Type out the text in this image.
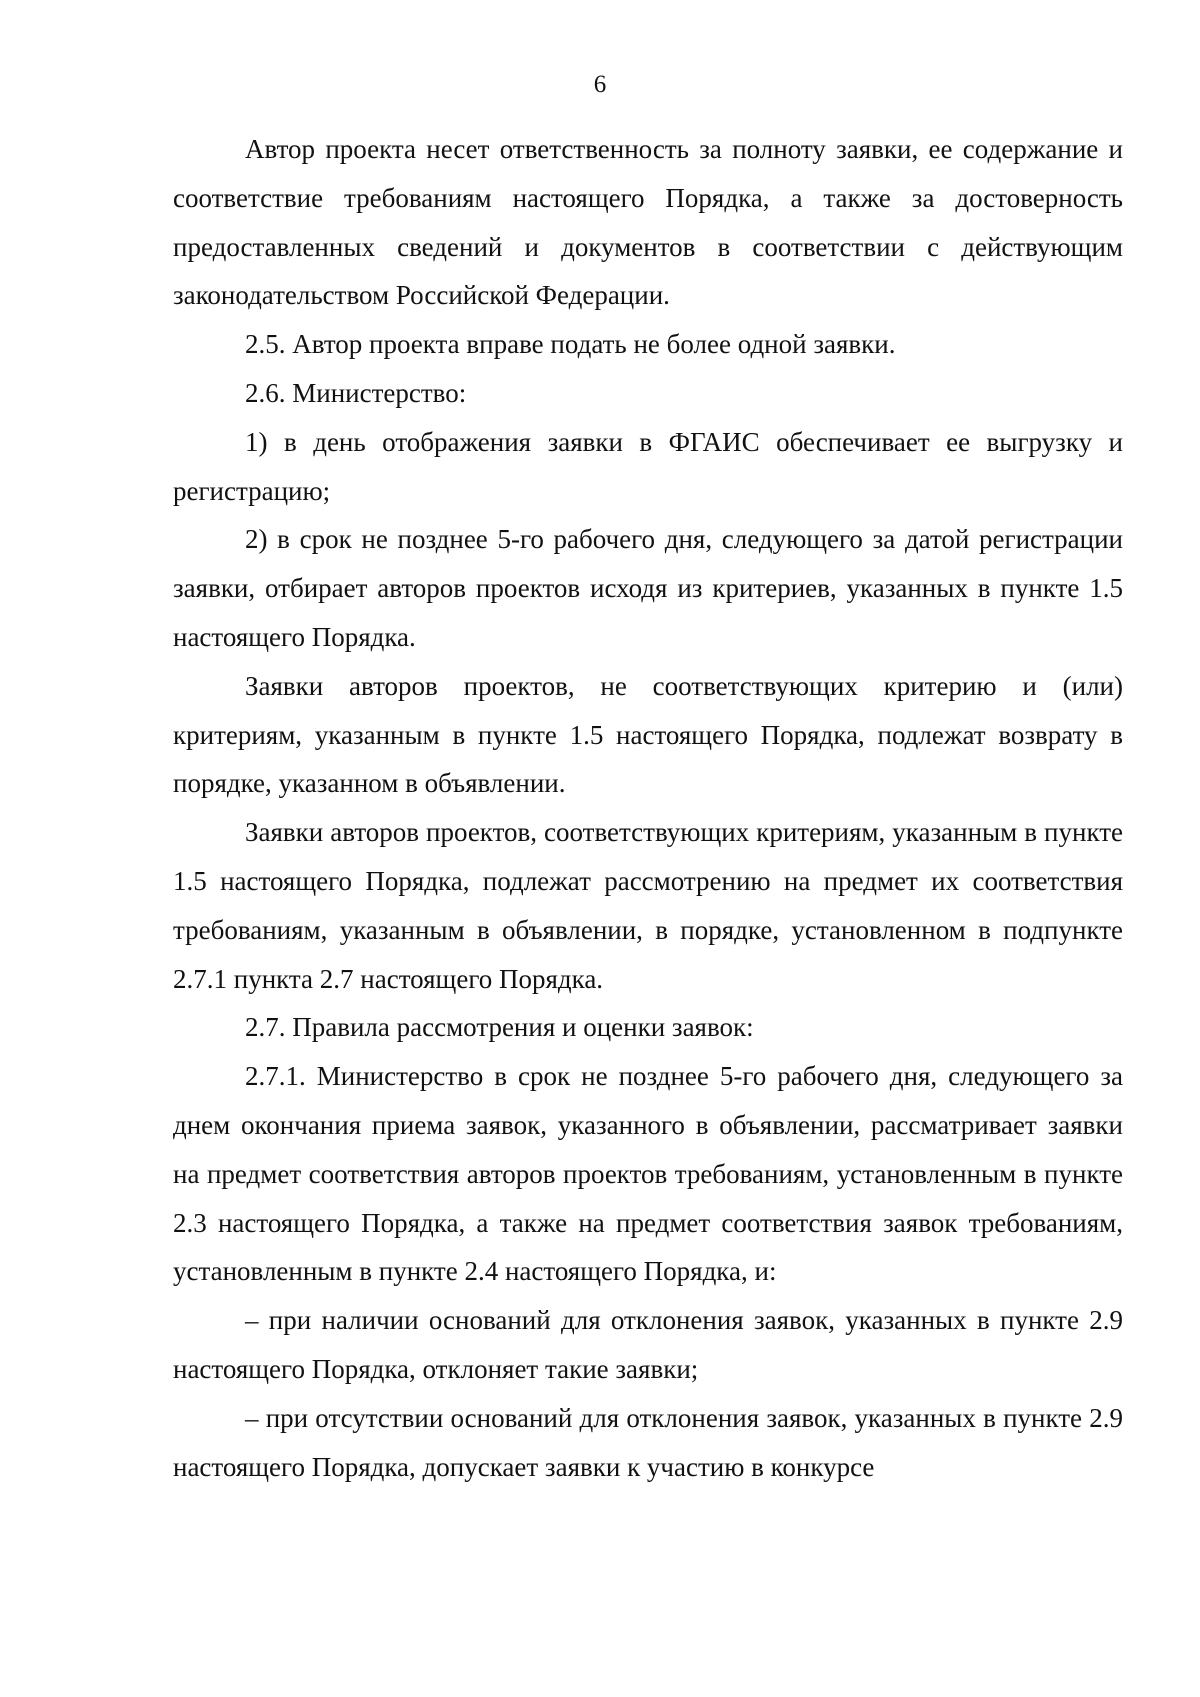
6

Автор проекта несет ответственность за полноту заявки, ее содержание и соответствие требованиям настоящего Порядка, а также за достоверность предоставленных сведений и документов в соответствии с действующим законодательством Российской Федерации.

2.5. Автор проекта вправе подать не более одной заявки.

2.6. Министерство:

1) в день отображения заявки в ФГАИС обеспечивает ее выгрузку и регистрацию;

2) в срок не позднее 5-го рабочего дня, следующего за датой регистрации заявки, отбирает авторов проектов исходя из критериев, указанных в пункте 1.5 настоящего Порядка.

Заявки авторов проектов, не соответствующих критерию и (или) критериям, указанным в пункте 1.5 настоящего Порядка, подлежат возврату в порядке, указанном в объявлении.

Заявки авторов проектов, соответствующих критериям, указанным в пункте 1.5 настоящего Порядка, подлежат рассмотрению на предмет их соответствия требованиям, указанным в объявлении, в порядке, установленном в подпункте 2.7.1 пункта 2.7 настоящего Порядка.

2.7. Правила рассмотрения и оценки заявок:

2.7.1. Министерство в срок не позднее 5-го рабочего дня, следующего за днем окончания приема заявок, указанного в объявлении, рассматривает заявки на предмет соответствия авторов проектов требованиям, установленным в пункте 2.3 настоящего Порядка, а также на предмет соответствия заявок требованиям, установленным в пункте 2.4 настоящего Порядка, и:

– при наличии оснований для отклонения заявок, указанных в пункте 2.9 настоящего Порядка, отклоняет такие заявки;

– при отсутствии оснований для отклонения заявок, указанных в пункте 2.9 настоящего Порядка, допускает заявки к участию в конкурсе
